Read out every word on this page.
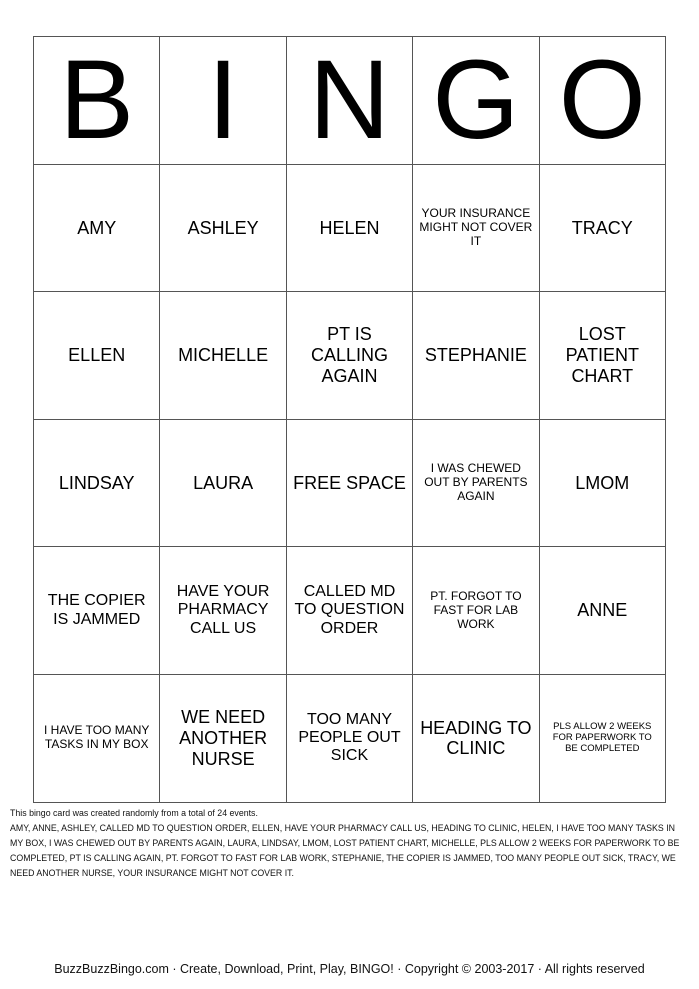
B	I	N	G	O
AMY	ASHLEY	HELEN	YOUR INSURANCE MIGHT NOT COVER IT	TRACY
ELLEN	MICHELLE	PT IS CALLING AGAIN	STEPHANIE	LOST PATIENT CHART
LINDSAY	LAURA	FREE SPACE	I WAS CHEWED OUT BY PARENTS AGAIN	LMOM
THE COPIER IS JAMMED	HAVE YOUR PHARMACY CALL US	CALLED MD TO QUESTION ORDER	PT. FORGOT TO FAST FOR LAB WORK	ANNE
I HAVE TOO MANY TASKS IN MY BOX	WE NEED ANOTHER NURSE	TOO MANY PEOPLE OUT SICK	HEADING TO CLINIC	PLS ALLOW 2 WEEKS FOR PAPERWORK TO BE COMPLETED
This bingo card was created randomly from a total of 24 events.
AMY, ANNE, ASHLEY, CALLED MD TO QUESTION ORDER, ELLEN, HAVE YOUR PHARMACY CALL US, HEADING TO CLINIC, HELEN, I HAVE TOO MANY TASKS IN MY BOX, I WAS CHEWED OUT BY PARENTS AGAIN, LAURA, LINDSAY, LMOM, LOST PATIENT CHART, MICHELLE, PLS ALLOW 2 WEEKS FOR PAPERWORK TO BE COMPLETED, PT IS CALLING AGAIN, PT. FORGOT TO FAST FOR LAB WORK, STEPHANIE, THE COPIER IS JAMMED, TOO MANY PEOPLE OUT SICK, TRACY, WE NEED ANOTHER NURSE, YOUR INSURANCE MIGHT NOT COVER IT.
BuzzBuzzBingo.com · Create, Download, Print, Play, BINGO! · Copyright © 2003-2017 · All rights reserved
